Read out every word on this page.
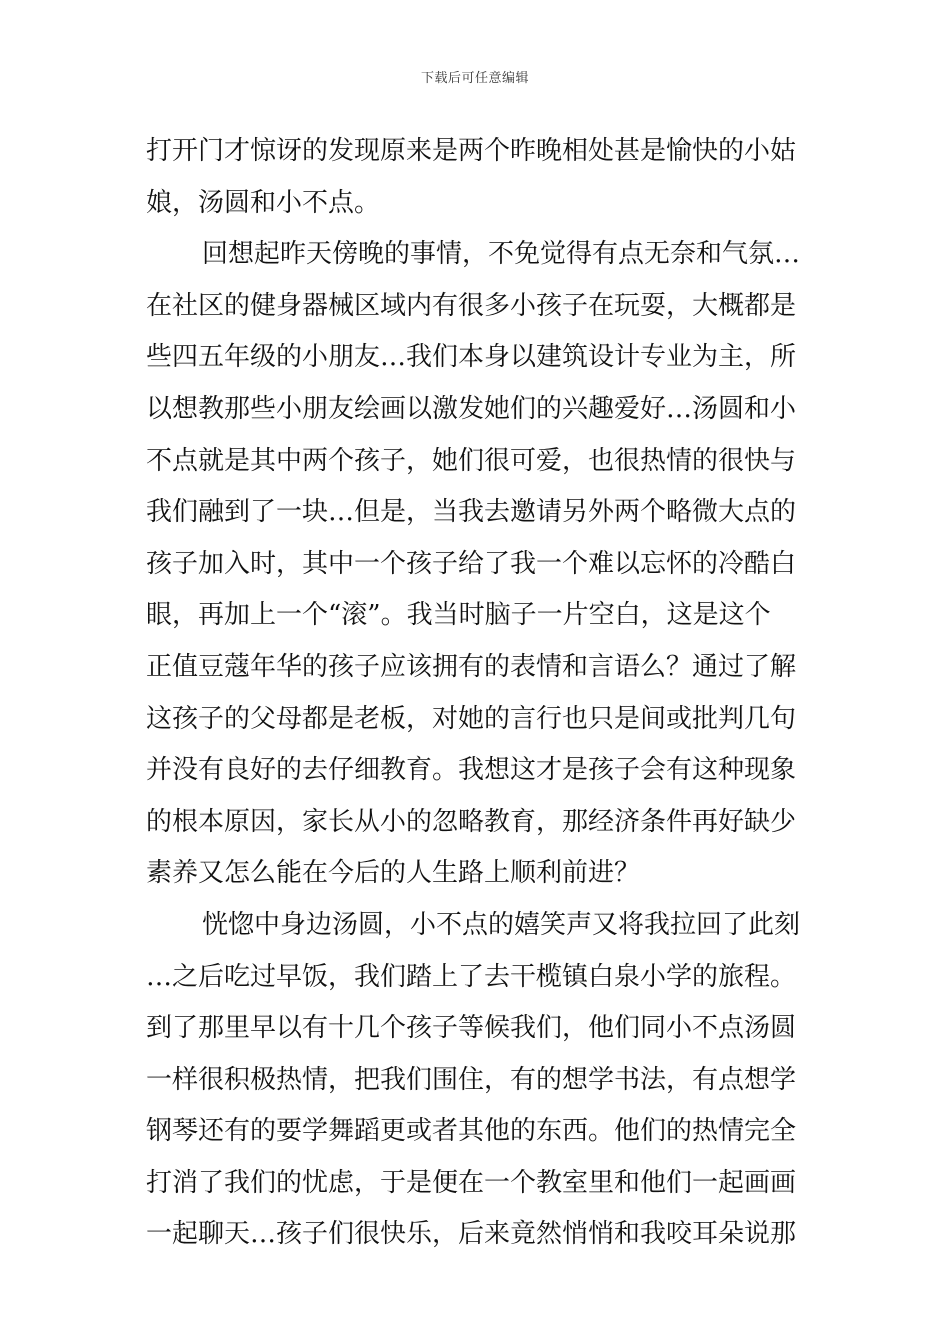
下载后可任意编辑
打开门才惊讶的发现原来是两个昨晚相处甚是愉快的小姑
娘，汤圆和小不点。
回想起昨天傍晚的事情，不免觉得有点无奈和气氛…
在社区的健身器械区域内有很多小孩子在玩耍，大概都是
些四五年级的小朋友…我们本身以建筑设计专业为主，所
以想教那些小朋友绘画以激发她们的兴趣爱好…汤圆和小
不点就是其中两个孩子，她们很可爱，也很热情的很快与
我们融到了一块…但是，当我去邀请另外两个略微大点的
孩子加入时，其中一个孩子给了我一个难以忘怀的冷酷白
眼，再加上一个“滚”。我当时脑子一片空白，这是这个
正值豆蔻年华的孩子应该拥有的表情和言语么？通过了解
这孩子的父母都是老板，对她的言行也只是间或批判几句
并没有良好的去仔细教育。我想这才是孩子会有这种现象
的根本原因，家长从小的忽略教育，那经济条件再好缺少
素养又怎么能在今后的人生路上顺利前进？
恍惚中身边汤圆，小不点的嬉笑声又将我拉回了此刻
…之后吃过早饭，我们踏上了去干榄镇白泉小学的旅程。
到了那里早以有十几个孩子等候我们，他们同小不点汤圆
一样很积极热情，把我们围住，有的想学书法，有点想学
钢琴还有的要学舞蹈更或者其他的东西。他们的热情完全
打消了我们的忧虑，于是便在一个教室里和他们一起画画
一起聊天…孩子们很快乐，后来竟然悄悄和我咬耳朵说那
